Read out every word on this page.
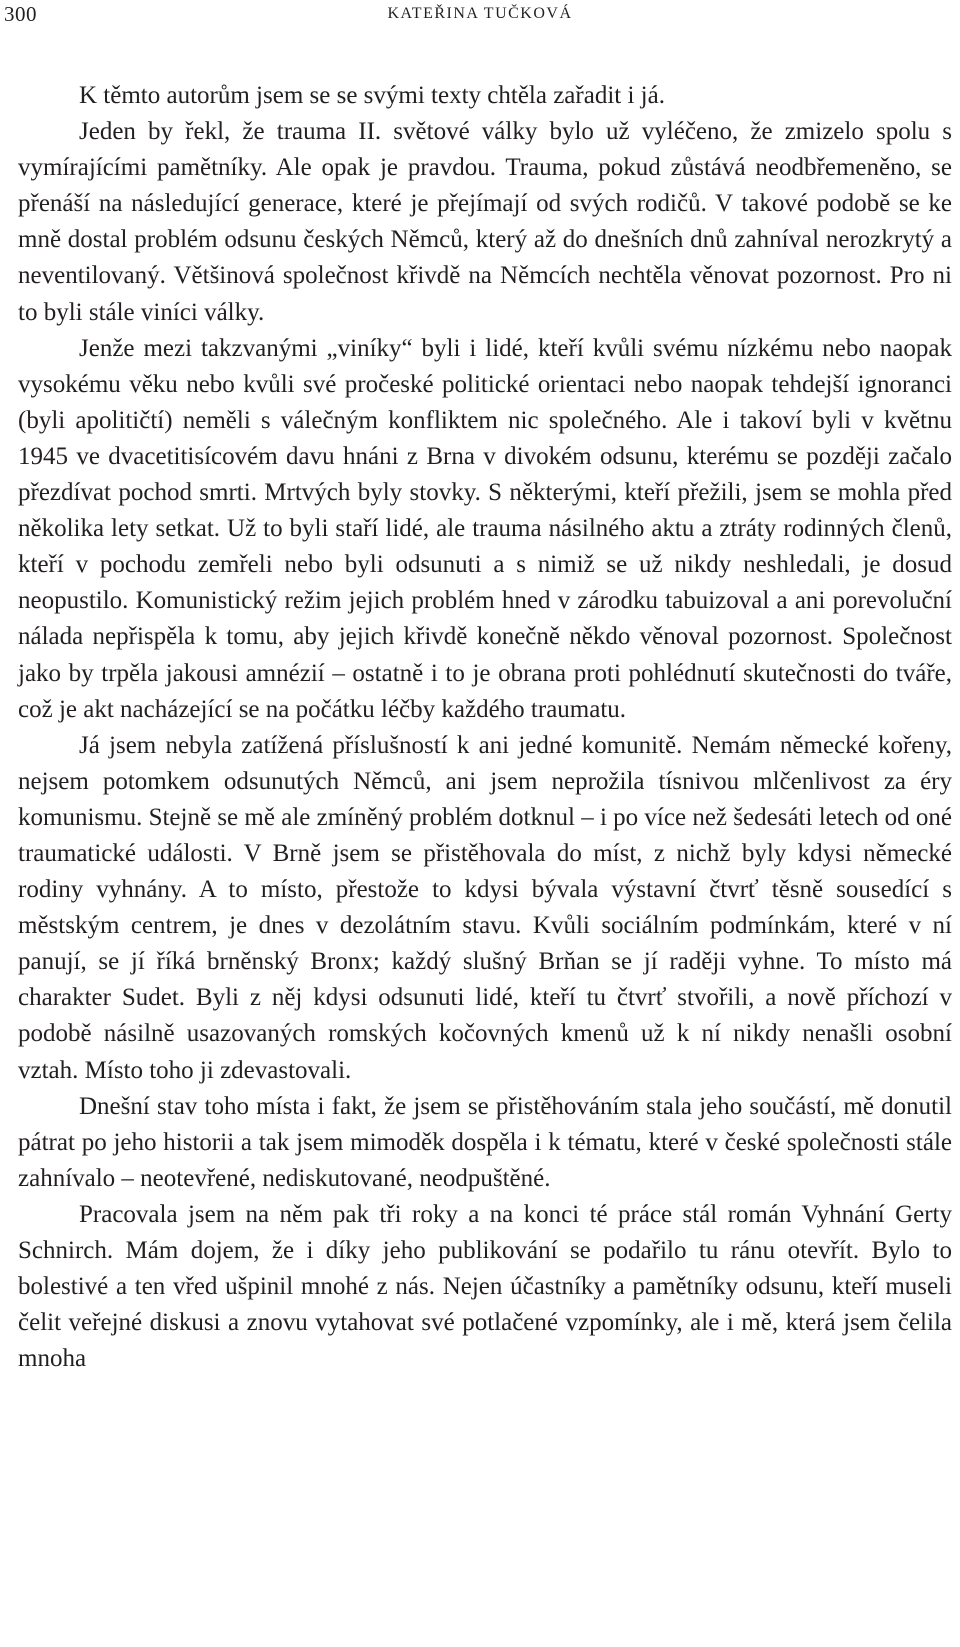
300	KATEŘINA TUČKOVÁ

K těmto autorům jsem se se svými texty chtěla zařadit i já.

Jeden by řekl, že trauma II. světové války bylo už vyléčeno, že zmizelo spolu s vymírajícími pamětníky. Ale opak je pravdou. Trauma, pokud zůstává neodbřemeněno, se přenáší na následující generace, které je přejímají od svých rodičů. V takové podobě se ke mně dostal problém odsunu českých Němců, který až do dnešních dnů zahníval nerozkrytý a neventilovaný. Většinová společnost křivdě na Němcích nechtěla věnovat pozornost. Pro ni to byli stále viníci války.

Jenže mezi takzvanými „viníky“ byli i lidé, kteří kvůli svému nízkému nebo naopak vysokému věku nebo kvůli své pročeské politické orientaci nebo naopak tehdejší ignoranci (byli apolitičtí) neměli s válečným konfliktem nic společného. Ale i takoví byli v květnu 1945 ve dvacetitisícovém davu hnáni z Brna v divokém odsunu, kterému se později začalo přezdívat pochod smrti. Mrtvých byly stovky. S některými, kteří přežili, jsem se mohla před několika lety setkat. Už to byli staří lidé, ale trauma násilného aktu a ztráty rodinných členů, kteří v pochodu zemřeli nebo byli odsunuti a s nimiž se už nikdy neshledali, je dosud neopustilo. Komunistický režim jejich problém hned v zárodku tabuizoval a ani porevoluční nálada nepřispěla k tomu, aby jejich křivdě konečně někdo věnoval pozornost. Společnost jako by trpěla jakousi amnézií – ostatně i to je obrana proti pohlédnutí skutečnosti do tváře, což je akt nacházející se na počátku léčby každého traumatu.

Já jsem nebyla zatížená příslušností k ani jedné komunitě. Nemám německé kořeny, nejsem potomkem odsunutých Němců, ani jsem neprožila tísnivou mlčenlivost za éry komunismu. Stejně se mě ale zmíněný problém dotknul – i po více než šedesáti letech od oné traumatické události. V Brně jsem se přistěhovala do míst, z nichž byly kdysi německé rodiny vyhnány. A to místo, přestože to kdysi bývala výstavní čtvrť těsně sousedící s městským centrem, je dnes v dezolátním stavu. Kvůli sociálním podmínkám, které v ní panují, se jí říká brněnský Bronx; každý slušný Brňan se jí raději vyhne. To místo má charakter Sudet. Byli z něj kdysi odsunuti lidé, kteří tu čtvrť stvořili, a nově příchozí v podobě násilně usazovaných romských kočovných kmenů už k ní nikdy nenašli osobní vztah. Místo toho ji zdevastovali.

Dnešní stav toho místa i fakt, že jsem se přistěhováním stala jeho součástí, mě donutil pátrat po jeho historii a tak jsem mimoděk dospěla i k tématu, které v české společnosti stále zahnívalo – neotevřené, nediskutované, neodpuštěné.

Pracovala jsem na něm pak tři roky a na konci té práce stál román Vyhnání Gerty Schnirch. Mám dojem, že i díky jeho publikování se podařilo tu ránu otevřít. Bylo to bolestivé a ten vřed ušpinil mnohé z nás. Nejen účastníky a pamětníky odsunu, kteří museli čelit veřejné diskusi a znovu vytahovat své potlačené vzpomínky, ale i mě, která jsem čelila mnoha
